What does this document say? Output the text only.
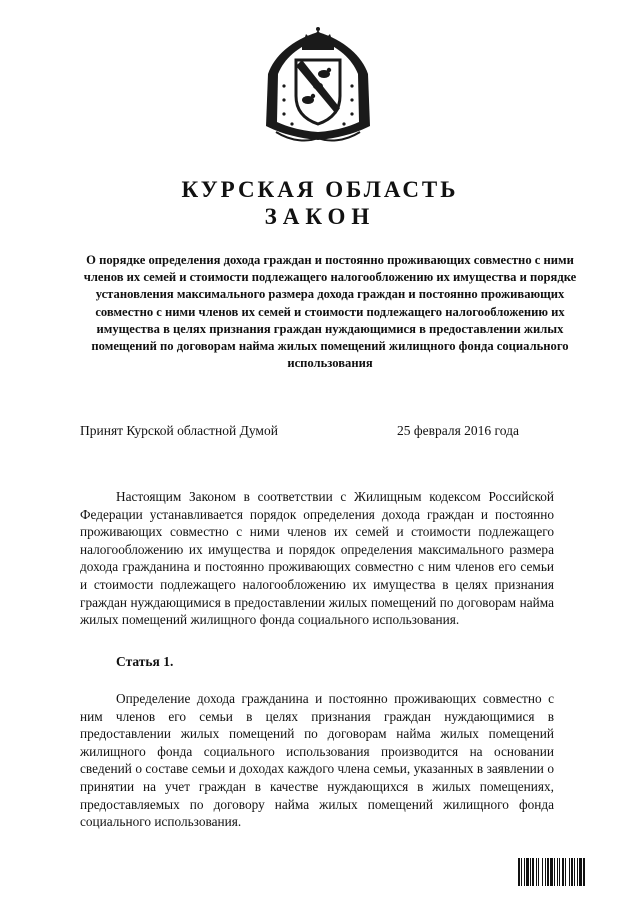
КУРСКАЯ ОБЛАСТЬ
ЗАКОН
О порядке определения дохода граждан и постоянно проживающих совместно с ними членов их семей и стоимости подлежащего налогообложению их имущества и порядке установления максимального размера дохода граждан и постоянно проживающих совместно с ними членов их семей и стоимости подлежащего налогообложению их имущества в целях признания граждан нуждающимися в предоставлении жилых помещений по договорам найма жилых помещений жилищного фонда социального использования
Принят Курской областной Думой	25 февраля 2016 года
Настоящим Законом в соответствии с Жилищным кодексом Российской Федерации устанавливается порядок определения дохода граждан и постоянно проживающих совместно с ними членов их семей и стоимости подлежащего налогообложению их имущества и порядок определения максимального размера дохода гражданина и постоянно проживающих совместно с ним членов его семьи и стоимости подлежащего налогообложению их имущества в целях признания граждан нуждающимися в предоставлении жилых помещений по договорам найма жилых помещений жилищного фонда социального использования.
Статья 1.
Определение дохода гражданина и постоянно проживающих совместно с ним членов его семьи в целях признания граждан нуждающимися в предоставлении жилых помещений по договорам найма жилых помещений жилищного фонда социального использования производится на основании сведений о составе семьи и доходах каждого члена семьи, указанных в заявлении о принятии на учет граждан в качестве нуждающихся в жилых помещениях, предоставляемых по договору найма жилых помещений жилищного фонда социального использования.
